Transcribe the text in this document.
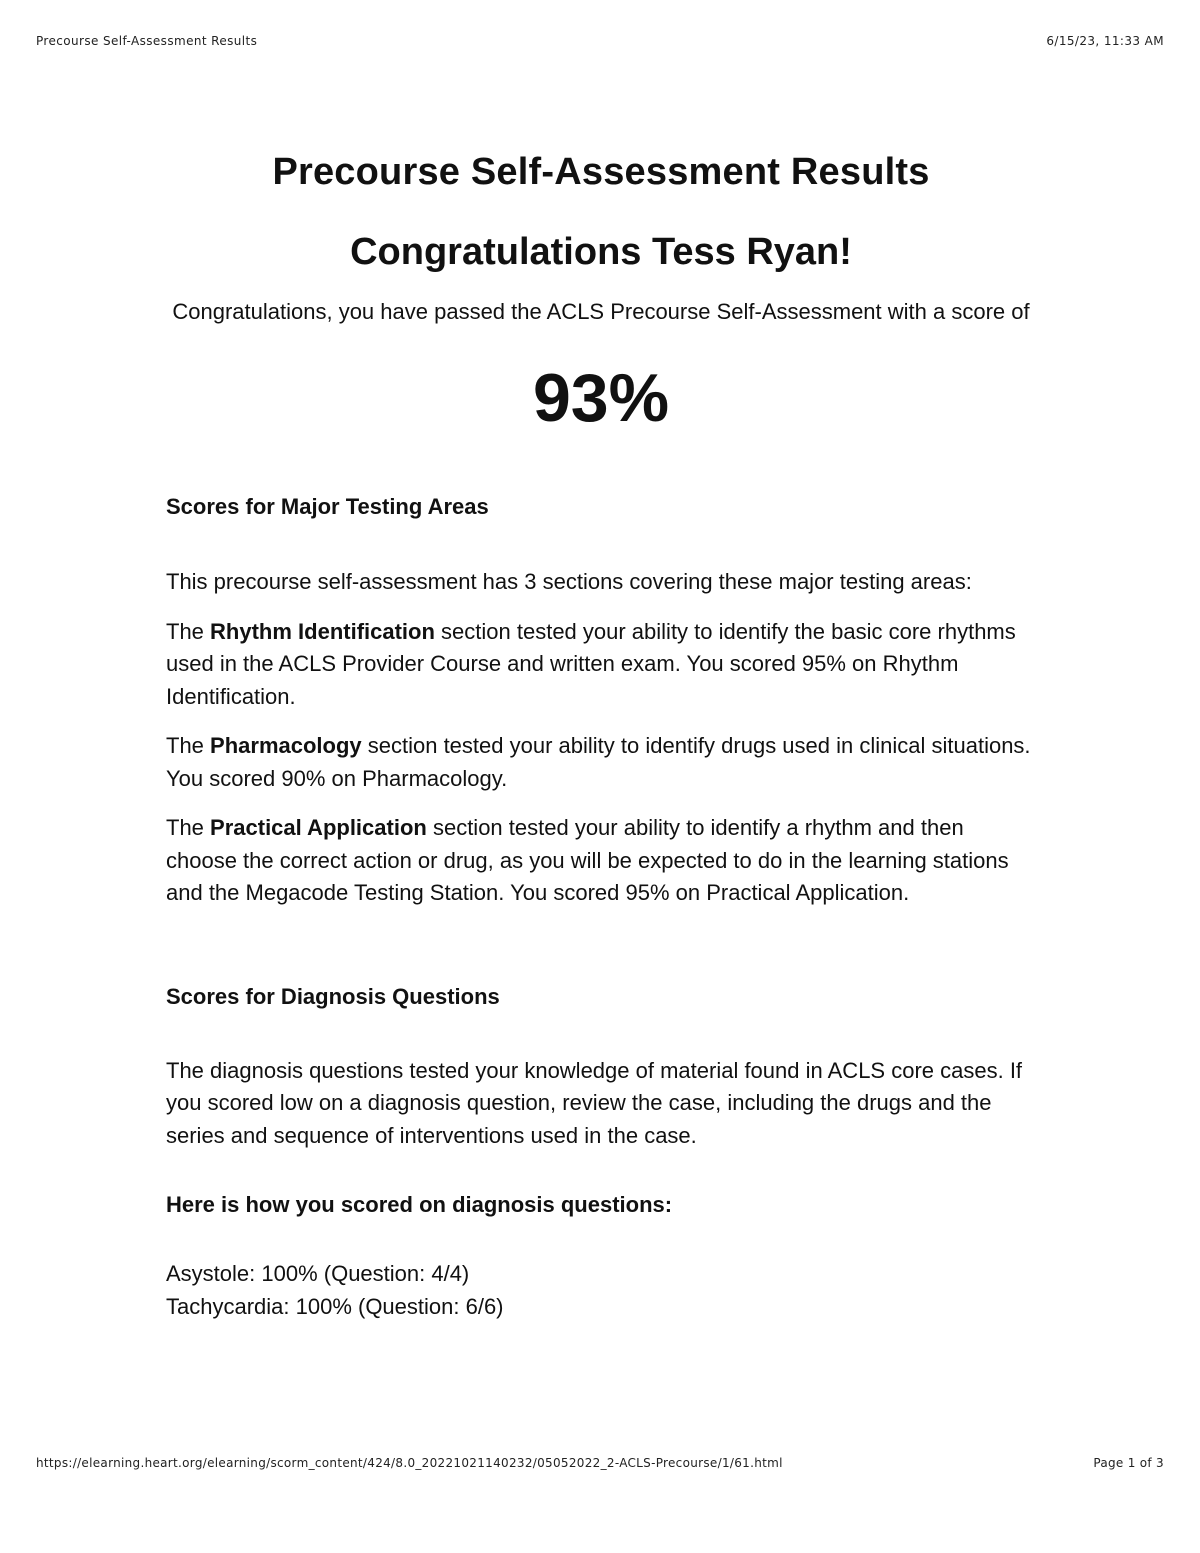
Precourse Self-Assessment Results	6/15/23, 11:33 AM
Precourse Self-Assessment Results
Congratulations Tess Ryan!

Congratulations, you have passed the ACLS Precourse Self-Assessment with a score of

93%

Scores for Major Testing Areas

This precourse self-assessment has 3 sections covering these major testing areas:

The Rhythm Identification section tested your ability to identify the basic core rhythms used in the ACLS Provider Course and written exam. You scored 95% on Rhythm Identification.

The Pharmacology section tested your ability to identify drugs used in clinical situations. You scored 90% on Pharmacology.

The Practical Application section tested your ability to identify a rhythm and then choose the correct action or drug, as you will be expected to do in the learning stations and the Megacode Testing Station. You scored 95% on Practical Application.

Scores for Diagnosis Questions

The diagnosis questions tested your knowledge of material found in ACLS core cases. If you scored low on a diagnosis question, review the case, including the drugs and the series and sequence of interventions used in the case.

Here is how you scored on diagnosis questions:

Asystole: 100% (Question: 4/4)

Tachycardia: 100% (Question: 6/6)

https://elearning.heart.org/elearning/scorm_content/424/8.0_20221021140232/05052022_2-ACLS-Precourse/1/61.html	Page 1 of 3
